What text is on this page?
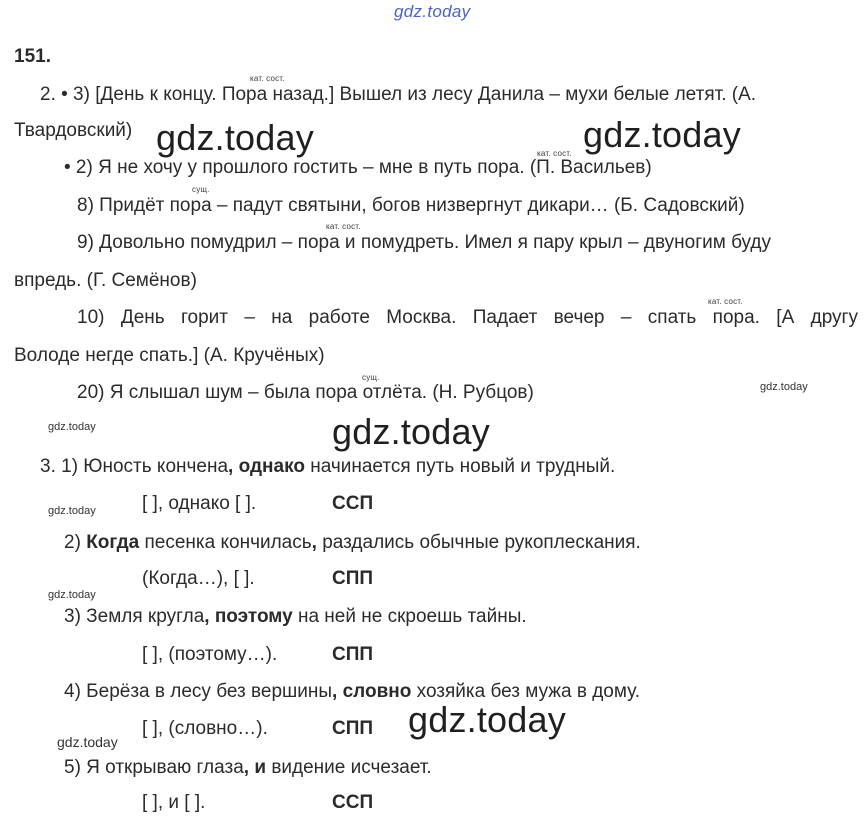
gdz.today
151.
кат. сост.
2. • 3) [День к концу. Пора назад.] Вышел из лесу Данила – мухи белые летят. (А.
Твардовский) gdz.today	gdz.today
кат. сост.
• 2) Я не хочу у прошлого гостить – мне в путь пора. (П. Васильев)
сущ.
8) Придёт пора – падут святыни, богов низвергнут дикари… (Б. Садовский)
кат. сост.
9) Довольно помудрил – пора и помудреть. Имел я пару крыл – двуногим буду
впредь. (Г. Семёнов)
кат. сост.
10) День горит – на работе Москва. Падает вечер – спать пора. [А другу
Володе негде спать.] (А. Кручёных)
сущ.
20) Я слышал шум – была пора отлёта. (Н. Рубцов)	gdz.today
gdz.today	gdz.today
3. 1) Юность кончена, однако начинается путь новый и трудный.
gdz.today [ ], однако [ ].	ССП
2) Когда песенка кончилась, раздались обычные рукоплескания.
(Когда…), [ ].	СПП
gdz.today
3) Земля кругла, поэтому на ней не скроешь тайны.
[ ], (поэтому…).	СПП
4) Берёза в лесу без вершины, словно хозяйка без мужа в дому.
[ ], (словно…).	СПП gdz.today
gdz.today
5) Я открываю глаза, и видение исчезает.
[ ], и [ ].	ССП
